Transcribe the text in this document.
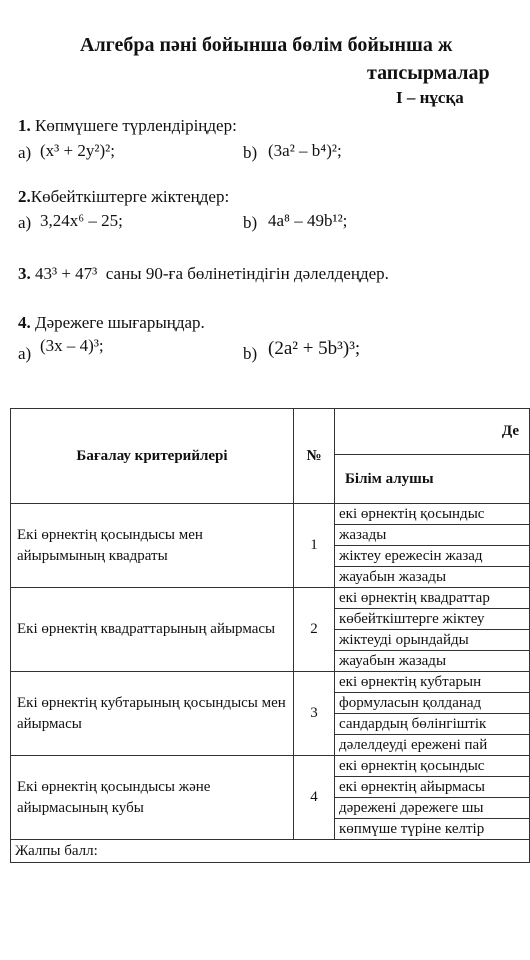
Алгебра пәні бойынша бөлім бойынша ж
тапсырмалар
І – нұсқа
1. Көпмүшеге түрлендіріңдер:
а) (x³ + 2y²)²;	b) (3a² – b⁴)²;
2.Көбейткіштерге жіктеңдер:
а) 3,24x⁶ – 25;	b) 4a⁸ – 49b¹²;
3. 43³ + 47³ саны 90-ға бөлінетіндігін дәлелдеңдер.
4. Дәрежеге шығарыңдар.
а) (3x – 4)³;	b) (2a² + 5b³)³;
Бағалау критерийлері	№	Де
		Білім алушы
Екі өрнектің қосындысы мен айырымының квадраты	1	екі өрнектің қосындыс
		жазады
		жіктеу ережесін жазад
		жауабын жазады
Екі өрнектің квадраттарының айырмасы	2	екі өрнектің квадраттар
		көбейткіштерге жіктеу
		жіктеуді орындайды
		жауабын жазады
Екі өрнектің кубтарының қосындысы мен айырмасы	3	екі өрнектің кубтарын
		формуласын қолданад
		сандардың бөлінгіштік
		дәлелдеуді ережені пай
Екі өрнектің қосындысы және айырмасының кубы	4	екі өрнектің қосындыс
		екі өрнектің айырмасы
		дәрежені дәрежеге шы
		көпмүше түріне келтір
Жалпы балл:		
